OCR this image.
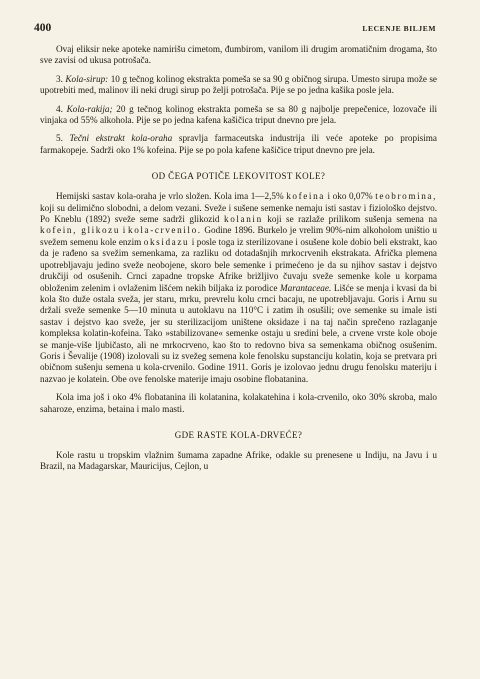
400	LECENJE BILJEM

Ovaj eliksir neke apoteke namirišu cimetom, đumbirom, vanilom ili drugim aromatičnim drogama, što sve zavisi od ukusa potrošača.

3. Kola-sirup: 10 g tečnog kolinog ekstrakta pomeša se sa 90 g običnog sirupa. Umesto sirupa može se upotrebiti med, malinov ili neki drugi sirup po želji potrošača. Pije se po jedna kašika posle jela.

4. Kola-rakija; 20 g tečnog kolinog ekstrakta pomeša se sa 80 g najbolje prepečenice, lozovače ili vinjaka od 55% alkohola. Pije se po jedna kafena kašičica triput dnevno pre jela.

5. Tečni ekstrakt kola-oraha spravlja farmaceutska industrija ili veće apoteke po propisima farmakopeje. Sadrži oko 1% kofeina. Pije se po pola kafene kašičice triput dnevno pre jela.

OD ČEGA POTIČE LEKOVITOST KOLE?

Hemijski sastav kola-oraha je vrlo složen. Kola ima 1—2,5% kofeina i oko 0,07% teobromina, koji su delimično slobodni, a delom vezani. Sveže i sušene semenke nemaju isti sastav i fiziološko dejstvo. Po Kneblu (1892) sveže seme sadrži glikozid kolanin koji se razlaže prilikom sušenja semena na kofein, glikozu i kola-crvenilo. Godine 1896. Burkelo je vrelim 90%-nim alkoholom uništio u svežem semenu kole enzim oksidazu i posle toga iz sterilizovane i osušene kole dobio beli ekstrakt, kao da je rađeno sa svežim semenkama, za razliku od dotadašnjih mrkocrvenih ekstrakata. Afrička plemena upotrebljavaju jedino sveže neobojene, skoro bele semenke i primećeno je da su njihov sastav i dejstvo drukčiji od osušenih. Crnci zapadne tropske Afrike brižljivo čuvaju sveže semenke kole u korpama obloženim zelenim i ovlaženim lišćem nekih biljaka iz porodice Marantaceae. Lišće se menja i kvasi da bi kola što duže ostala sveža, jer staru, mrku, prevrelu kolu crnci bacaju, ne upotrebljavaju. Goris i Arnu su držali sveže semenke 5—10 minuta u autoklavu na 110°C i zatim ih osušili; ove semenke su imale isti sastav i dejstvo kao sveže, jer su sterilizacijom uništene oksidaze i na taj način sprečeno razlaganje kompleksa kolatin-kofeina. Tako »stabilizovane« semenke ostaju u sredini bele, a crvene vrste kole oboje se manje-više ljubičasto, ali ne mrkocrveno, kao što to redovno biva sa semenkama običnog osušenim. Goris i Ševalije (1908) izolovali su iz svežeg semena kole fenolsku supstanciju kolatin, koja se pretvara pri običnom sušenju semena u kola-crvenilo. Godine 1911. Goris je izolovao jednu drugu fenolsku materiju i nazvao je kolatein. Obe ove fenolske materije imaju osobine flobatanina.

Kola ima još i oko 4% flobatanina ili kolatanina, kolakatehina i kola-crvenilo, oko 30% skroba, malo saharoze, enzima, betaina i malo masti.

GDE RASTE KOLA-DRVEĆE?

Kole rastu u tropskim vlažnim šumama zapadne Afrike, odakle su prenesene u Indiju, na Javu i u Brazil, na Madagarskar, Mauricijus, Cejlon, u
